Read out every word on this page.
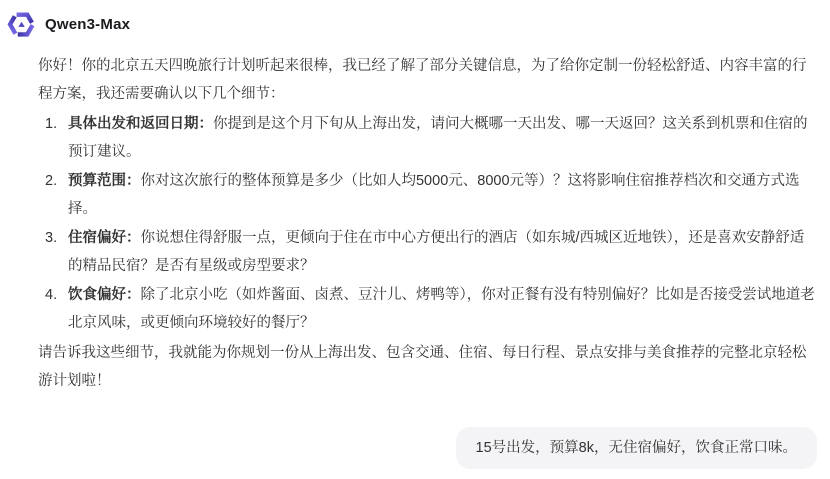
Qwen3-Max

你好！你的北京五天四晚旅行计划听起来很棒，我已经了解了部分关键信息，为了给你定制一份轻松舒适、内容丰富的行程方案，我还需要确认以下几个细节：

1. 具体出发和返回日期：你提到是这个月下旬从上海出发，请问大概哪一天出发、哪一天返回？这关系到机票和住宿的预订建议。
2. 预算范围：你对这次旅行的整体预算是多少（比如人均5000元、8000元等）？这将影响住宿推荐档次和交通方式选择。
3. 住宿偏好：你说想住得舒服一点，更倾向于住在市中心方便出行的酒店（如东城/西城区近地铁），还是喜欢安静舒适的精品民宿？是否有星级或房型要求？
4. 饮食偏好：除了北京小吃（如炸酱面、卤煮、豆汁儿、烤鸭等），你对正餐有没有特别偏好？比如是否接受尝试地道老北京风味，或更倾向环境较好的餐厅？

请告诉我这些细节，我就能为你规划一份从上海出发、包含交通、住宿、每日行程、景点安排与美食推荐的完整北京轻松游计划啦！

15号出发，预算8k，无住宿偏好，饮食正常口味。
